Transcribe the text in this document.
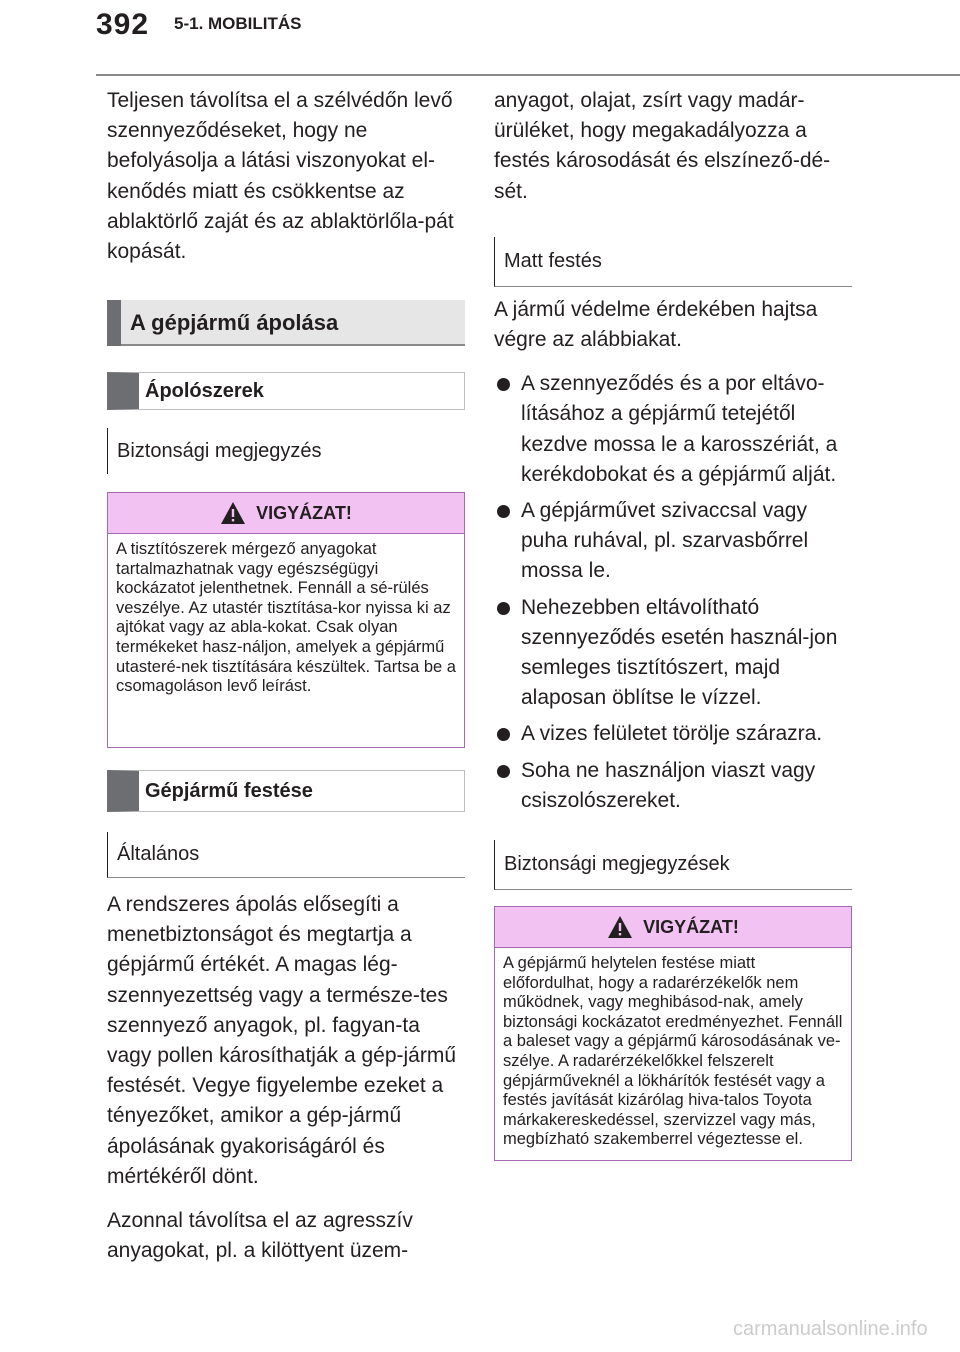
392 5-1. MOBILITÁS

Teljesen távolítsa el a szélvédőn levő szennyeződéseket, hogy ne befolyásolja a látási viszonyokat el-kenődés miatt és csökkentse az ablaktörlő zaját és az ablaktörlőla-pát kopását.

A gépjármű ápolása
Ápolószerek
Biztonsági megjegyzés
VIGYÁZAT!
A tisztítószerek mérgező anyagokat tartalmazhatnak vagy egészségügyi kockázatot jelenthetnek. Fennáll a sé-rülés veszélye. Az utastér tisztítása-kor nyissa ki az ajtókat vagy az abla-kokat. Csak olyan termékeket hasz-náljon, amelyek a gépjármű utasteré-nek tisztítására készültek. Tartsa be a csomagoláson levő leírást.
Gépjármű festése
Általános

A rendszeres ápolás elősegíti a menetbiztonságot és megtartja a gépjármű értékét. A magas lég-szennyezettség vagy a természe-tes szennyező anyagok, pl. fagyan-ta vagy pollen károsíthatják a gép-jármű festését. Vegye figyelembe ezeket a tényezőket, amikor a gép-jármű ápolásának gyakoriságáról és mértékéről dönt.

Azonnal távolítsa el az agresszív anyagokat, pl. a kilöttyent üzem-

anyagot, olajat, zsírt vagy madár-ürüléket, hogy megakadályozza a festés károsodását és elszínező-dé-sét.

Matt festés

A jármű védelme érdekében hajtsa végre az alábbiakat.

A szennyeződés és a por eltávo-lításához a gépjármű tetejétől kezdve mossa le a karosszériát, a kerékdobokat és a gépjármű alját.
A gépjárművet szivaccsal vagy puha ruhával, pl. szarvasbőrrel mossa le.
Nehezebben eltávolítható szennyeződés esetén használ-jon semleges tisztítószert, majd alaposan öblítse le vízzel.
A vizes felületet törölje szárazra.
Soha ne használjon viaszt vagy csiszolószereket.
Biztonsági megjegyzések
VIGYÁZAT!
A gépjármű helytelen festése miatt előfordulhat, hogy a radarérzékelők nem működnek, vagy meghibásod-nak, amely biztonsági kockázatot eredményezhet. Fennáll a baleset vagy a gépjármű károsodásának ve-szélye. A radarérzékelőkkel felszerelt gépjárműveknél a lökhárítók festését vagy a festés javítását kizárólag hiva-talos Toyota márkakereskedéssel, szervizzel vagy más, megbízható szakemberrel végeztesse el.
carmanualsonline.info
